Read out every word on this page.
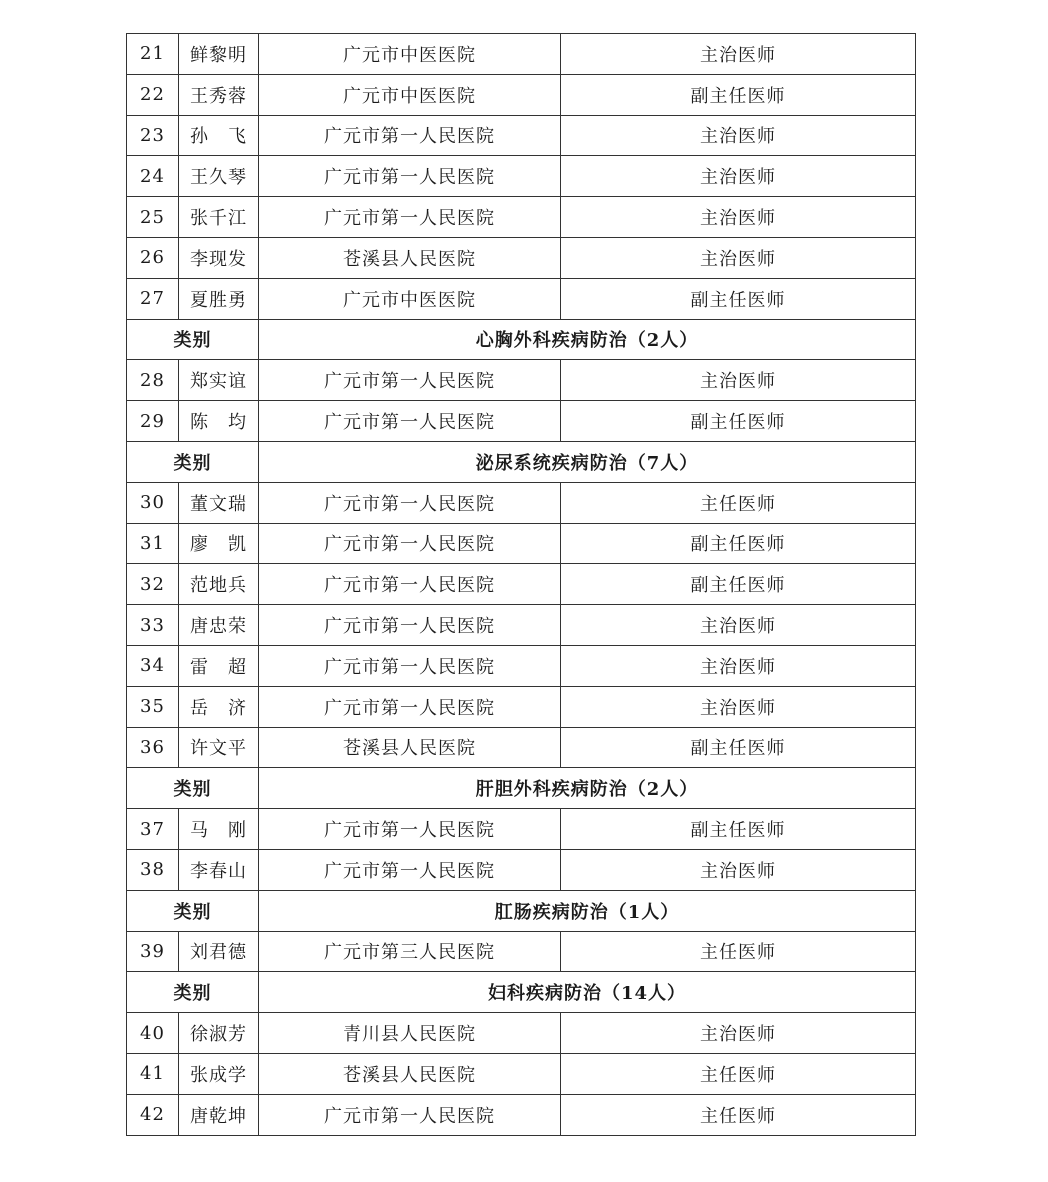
21	鲜黎明	广元市中医医院	主治医师
22	王秀蓉	广元市中医医院	副主任医师
23	孙　飞	广元市第一人民医院	主治医师
24	王久琴	广元市第一人民医院	主治医师
25	张千江	广元市第一人民医院	主治医师
26	李现发	苍溪县人民医院	主治医师
27	夏胜勇	广元市中医医院	副主任医师
类别		心胸外科疾病防治（2人）	
28	郑实谊	广元市第一人民医院	主治医师
29	陈　均	广元市第一人民医院	副主任医师
类别		泌尿系统疾病防治（7人）	
30	董文瑞	广元市第一人民医院	主任医师
31	廖　凯	广元市第一人民医院	副主任医师
32	范地兵	广元市第一人民医院	副主任医师
33	唐忠荣	广元市第一人民医院	主治医师
34	雷　超	广元市第一人民医院	主治医师
35	岳　济	广元市第一人民医院	主治医师
36	许文平	苍溪县人民医院	副主任医师
类别		肝胆外科疾病防治（2人）	
37	马　刚	广元市第一人民医院	副主任医师
38	李春山	广元市第一人民医院	主治医师
类别		肛肠疾病防治（1人）	
39	刘君德	广元市第三人民医院	主任医师
类别		妇科疾病防治（14人）	
40	徐淑芳	青川县人民医院	主治医师
41	张成学	苍溪县人民医院	主任医师
42	唐乾坤	广元市第一人民医院	主任医师
